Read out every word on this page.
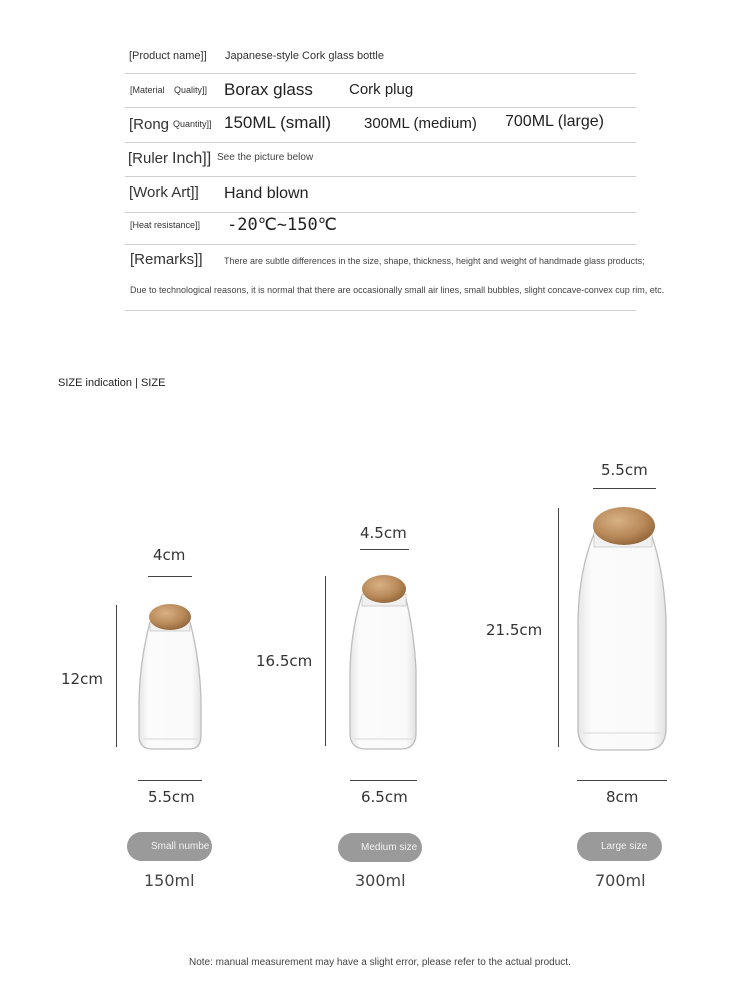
[Product name]] Japanese-style Cork glass bottle
[Material Quality]] Borax glass Cork plug
[Rong Quantity]] 150ML (small) 300ML (medium) 700ML (large)
[Ruler Inch]] See the picture below
[Work Art]] Hand blown
[Heat resistance]] -20℃~150℃
[Remarks]] There are subtle differences in the size, shape, thickness, height and weight of handmade glass products;
Due to technological reasons, it is normal that there are occasionally small air lines, small bubbles, slight concave-convex cup rim, etc.
SIZE indication | SIZE
4cm
12cm
5.5cm
4.5cm
16.5cm
6.5cm
5.5cm
21.5cm
8cm
Small numbe	Medium size	Large size
150ml	300ml	700ml
Note: manual measurement may have a slight error, please refer to the actual product.
